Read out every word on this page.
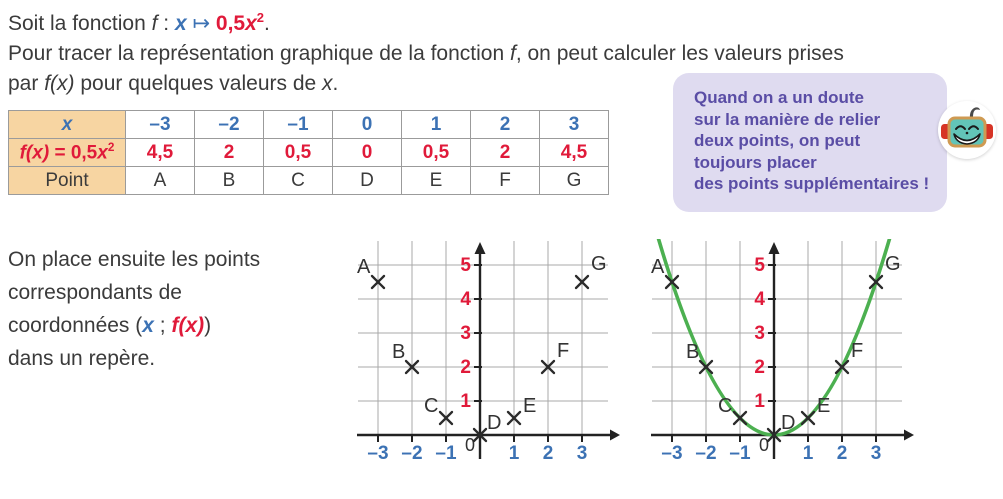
Soit la fonction f : x ↦ $0,5x^2$.
Pour tracer la représentation graphique de la fonction f, on peut calculer les valeurs prises
par f(x) pour quelques valeurs de x.
x	–3	–2	–1	0	1	2	3
$f(x) = 0,5x^2$	4,5	2	0,5	0	0,5	2	4,5
Point	A	B	C	D	E	F	G
Quand on a un doute
sur la manière de relier
deux points, on peut
toujours placer
des points supplémentaires !
On place ensuite les points
correspondants de
coordonnées (x ; f(x))
dans un repère.
1
2
3
4
5
–3 –2 –1	1 2 3
0
A
B
C
D
E
F
G
1
2
3
4
5
–3 –2 –1	1 2 3
0
A
B
C
D
E
F
G
